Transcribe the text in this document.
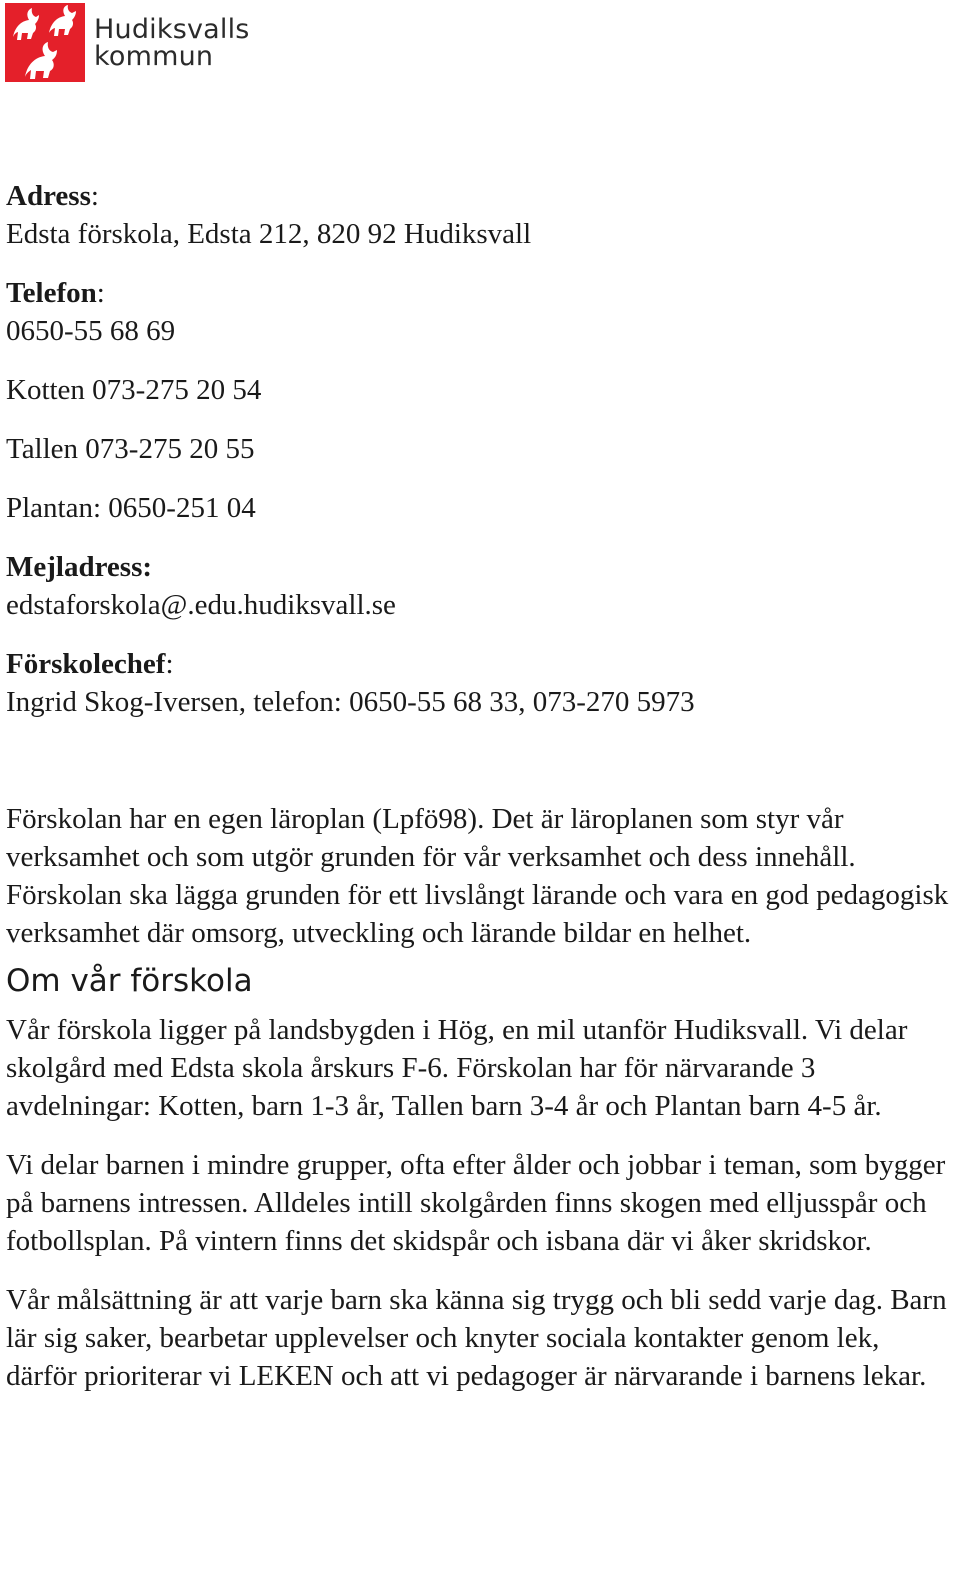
Hudiksvalls
kommun
Adress:
Edsta förskola, Edsta 212, 820 92 Hudiksvall
Telefon:
0650-55 68 69
Kotten 073-275 20 54
Tallen 073-275 20 55
Plantan: 0650-251 04
Mejladress:
edstaforskola@.edu.hudiksvall.se
Förskolechef:
Ingrid Skog-Iversen, telefon: 0650-55 68 33, 073-270 5973

Förskolan har en egen läroplan (Lpfö98). Det är läroplanen som styr vår verksamhet och som utgör grunden för vår verksamhet och dess innehåll. Förskolan ska lägga grunden för ett livslångt lärande och vara en god pedagogisk verksamhet där omsorg, utveckling och lärande bildar en helhet.

Om vår förskola

Vår förskola ligger på landsbygden i Hög, en mil utanför Hudiksvall. Vi delar skolgård med Edsta skola årskurs F-6. Förskolan har för närvarande 3 avdelningar: Kotten, barn 1-3 år, Tallen barn 3-4 år och Plantan barn 4-5 år.

Vi delar barnen i mindre grupper, ofta efter ålder och jobbar i teman, som bygger på barnens intressen. Alldeles intill skolgården finns skogen med elljusspår och fotbollsplan. På vintern finns det skidspår och isbana där vi åker skridskor.

Vår målsättning är att varje barn ska känna sig trygg och bli sedd varje dag. Barn lär sig saker, bearbetar upplevelser och knyter sociala kontakter genom lek, därför prioriterar vi LEKEN och att vi pedagoger är närvarande i barnens lekar.
